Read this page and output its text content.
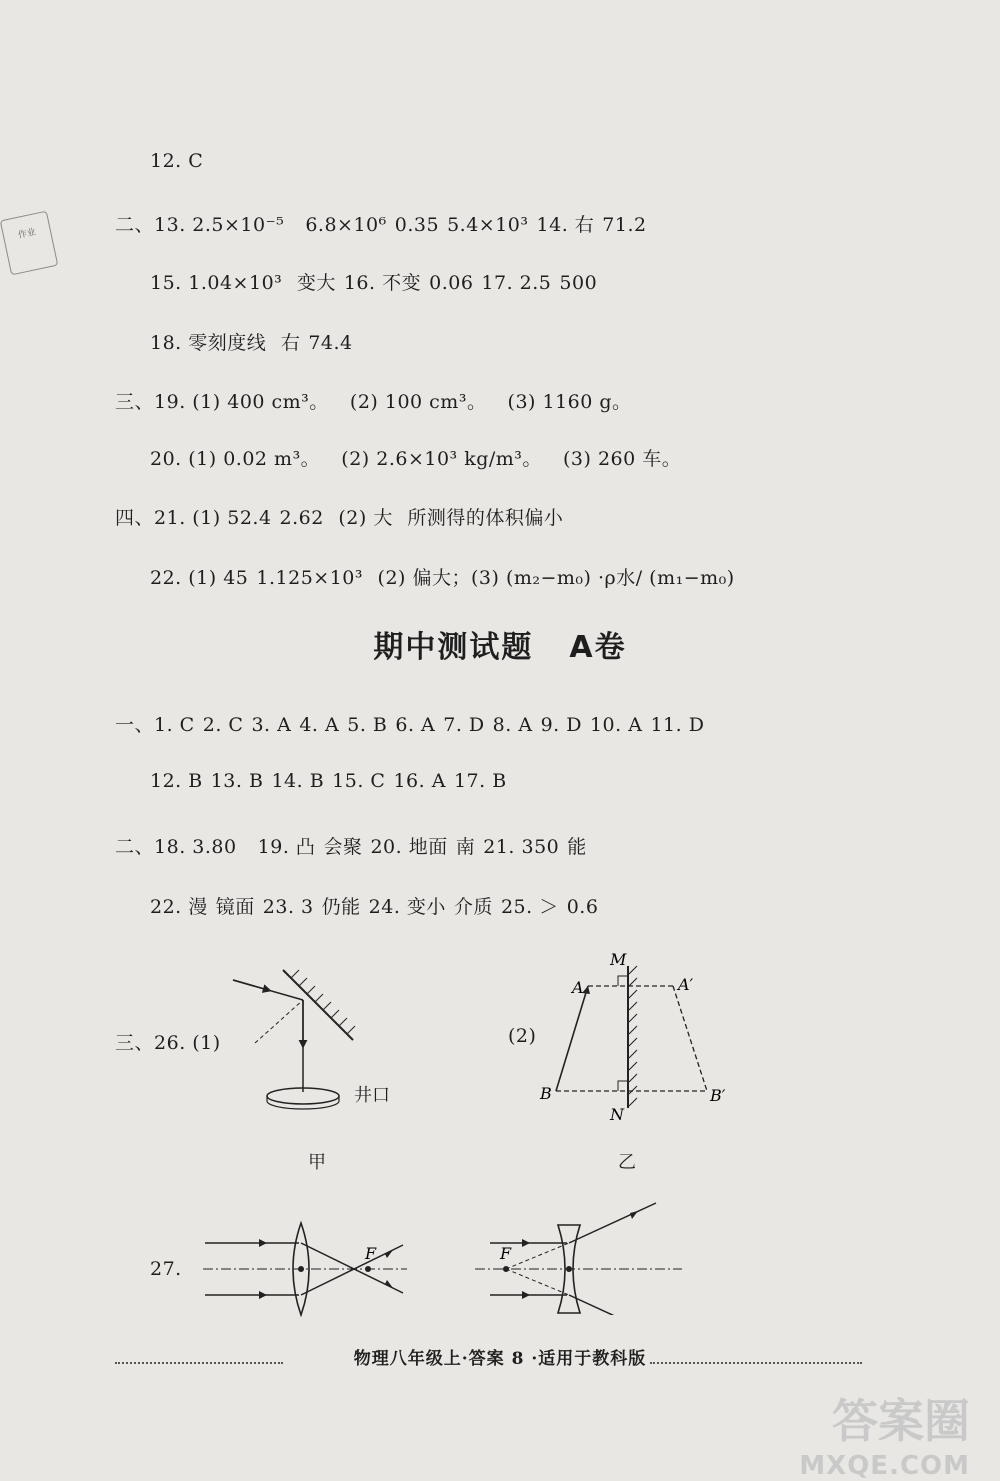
作业
12. C
二、13. 2.5×10⁻⁵ 6.8×10⁶ 0.35 5.4×10³ 14. 右 71.2
15. 1.04×10³ 变大 16. 不变 0.06 17. 2.5 500
18. 零刻度线 右 74.4
三、19. (1) 400 cm³。 (2) 100 cm³。 (3) 1160 g。
20. (1) 0.02 m³。 (2) 2.6×10³ kg/m³。 (3) 260 车。
四、21. (1) 52.4 2.62 (2) 大 所测得的体积偏小
22. (1) 45 1.125×10³ (2) 偏大；(3) (m₂−m₀) ·ρ水/ (m₁−m₀)
期中测试题 A卷
一、1. C 2. C 3. A 4. A 5. B 6. A 7. D 8. A 9. D 10. A 11. D
12. B 13. B 14. B 15. C 16. A 17. B
二、18. 3.80 19. 凸 会聚 20. 地面 南 21. 350 能
22. 漫 镜面 23. 3 仍能 24. 变小 介质 25. ＞ 0.6
三、26. (1)	(2)
井口
甲
M
N
A	A′
B	B′
乙
27.
F	F
物理八年级上·答案 8 ·适用于教科版
答案圈
MXQE.COM
